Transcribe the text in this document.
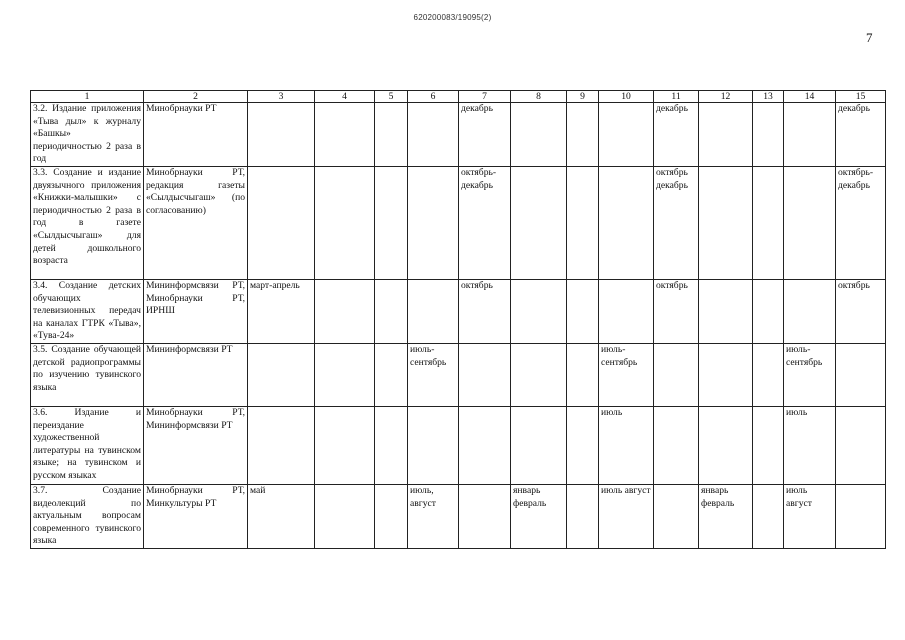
620200083/19095(2)
7
1	2	3	4	5	6	7	8	9	10	11	12	13	14	15
3.2. Издание приложения «Тыва дыл» к журналу «Башкы» периодичностью 2 раза в год	Минобрнауки РТ					декабрь				декабрь				декабрь
3.3. Создание и издание двуязычного приложения «Книжки-малышки» с периодичностью 2 раза в год в газете «Сылдысчыгаш» для детей дошкольного возраста	Минобрнауки РТ, редакция газеты «Сылдысчыгаш» (по согласованию)					октябрь-декабрь				октябрь декабрь				октябрь-декабрь
3.4. Создание детских обучающих телевизионных передач на каналах ГТРК «Тыва», «Тува-24»	Мининформсвязи РТ, Минобрнауки РТ, ИРНШ	март-апрель				октябрь				октябрь				октябрь
3.5. Создание обучающей детской радиопрограммы по изучению тувинского языка	Мининформсвязи РТ				июль-сентябрь				июль-сентябрь				июль-сентябрь	
3.6. Издание и переиздание художественной литературы на тувинском языке; на тувинском и русском языках	Минобрнауки РТ, Мининформсвязи РТ								июль				июль	
3.7. Создание видеолекций по актуальным вопросам современного тувинского языка	Минобрнауки РТ, Минкультуры РТ	май			июль, август		январь февраль		июль август		январь февраль		июль август	
